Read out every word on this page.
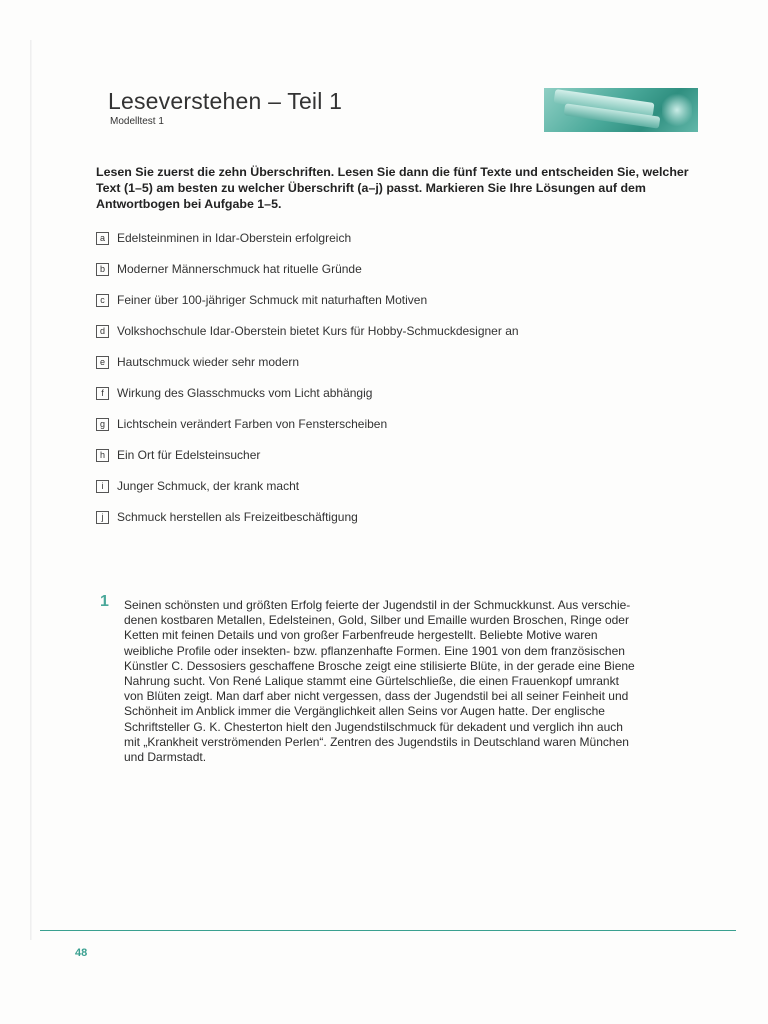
Leseverstehen – Teil 1

Modelltest 1

Lesen Sie zuerst die zehn Überschriften. Lesen Sie dann die fünf Texte und entscheiden Sie, welcher Text (1–5) am besten zu welcher Überschrift (a–j) passt. Markieren Sie Ihre Lösungen auf dem Antwortbogen bei Aufgabe 1–5.

a	Edelsteinminen in Idar-Oberstein erfolgreich
b	Moderner Männerschmuck hat rituelle Gründe
c	Feiner über 100-jähriger Schmuck mit naturhaften Motiven
d	Volkshochschule Idar-Oberstein bietet Kurs für Hobby-Schmuckdesigner an
e	Hautschmuck wieder sehr modern
f	Wirkung des Glasschmucks vom Licht abhängig
g	Lichtschein verändert Farben von Fensterscheiben
h	Ein Ort für Edelsteinsucher
i	Junger Schmuck, der krank macht
j	Schmuck herstellen als Freizeitbeschäftigung
1 Seinen schönsten und größten Erfolg feierte der Jugendstil in der Schmuckkunst. Aus verschie-
denen kostbaren Metallen, Edelsteinen, Gold, Silber und Emaille wurden Broschen, Ringe oder
Ketten mit feinen Details und von großer Farbenfreude hergestellt. Beliebte Motive waren
weibliche Profile oder insekten- bzw. pflanzenhafte Formen. Eine 1901 von dem französischen
Künstler C. Dessosiers geschaffene Brosche zeigt eine stilisierte Blüte, in der gerade eine Biene
Nahrung sucht. Von René Lalique stammt eine Gürtelschließe, die einen Frauenkopf umrankt
von Blüten zeigt. Man darf aber nicht vergessen, dass der Jugendstil bei all seiner Feinheit und
Schönheit im Anblick immer die Vergänglichkeit allen Seins vor Augen hatte. Der englische
Schriftsteller G. K. Chesterton hielt den Jugendstilschmuck für dekadent und verglich ihn auch
mit „Krankheit verströmenden Perlen“. Zentren des Jugendstils in Deutschland waren München
und Darmstadt.

48
